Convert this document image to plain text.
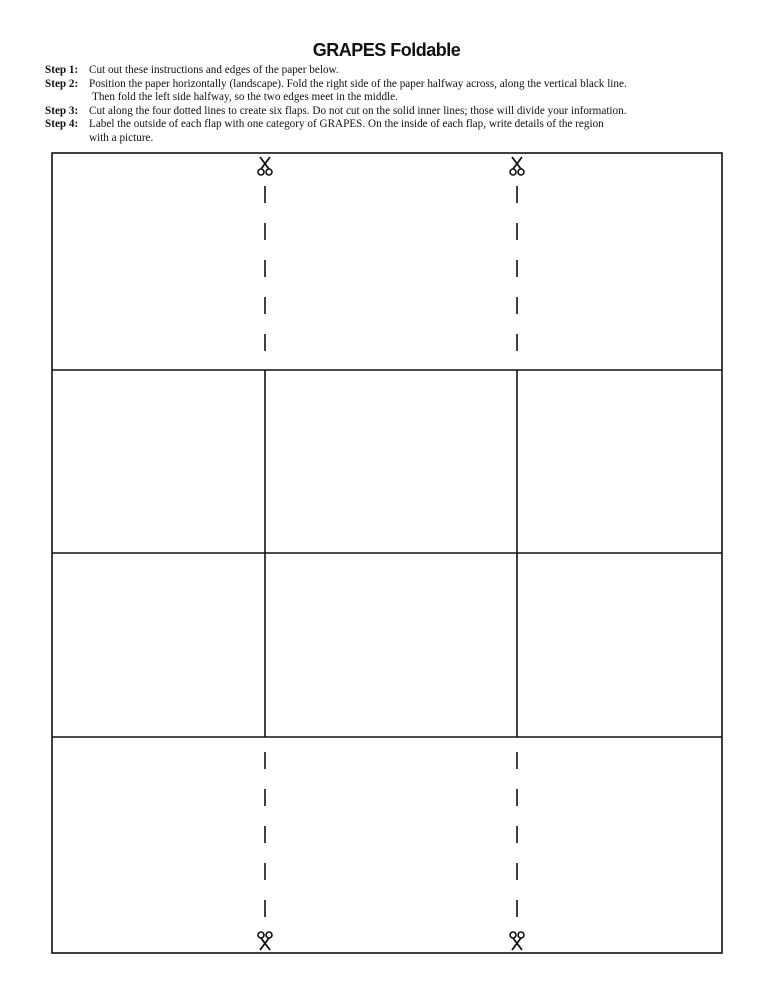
GRAPES Foldable
Step 1: Cut out these instructions and edges of the paper below.
Step 2: Position the paper horizontally (landscape). Fold the right side of the paper halfway across, along the vertical black line.
Then fold the left side halfway, so the two edges meet in the middle.
Step 3: Cut along the four dotted lines to create six flaps. Do not cut on the solid inner lines; those will divide your information.
Step 4: Label the outside of each flap with one category of GRAPES. On the inside of each flap, write details of the region
with a picture.
